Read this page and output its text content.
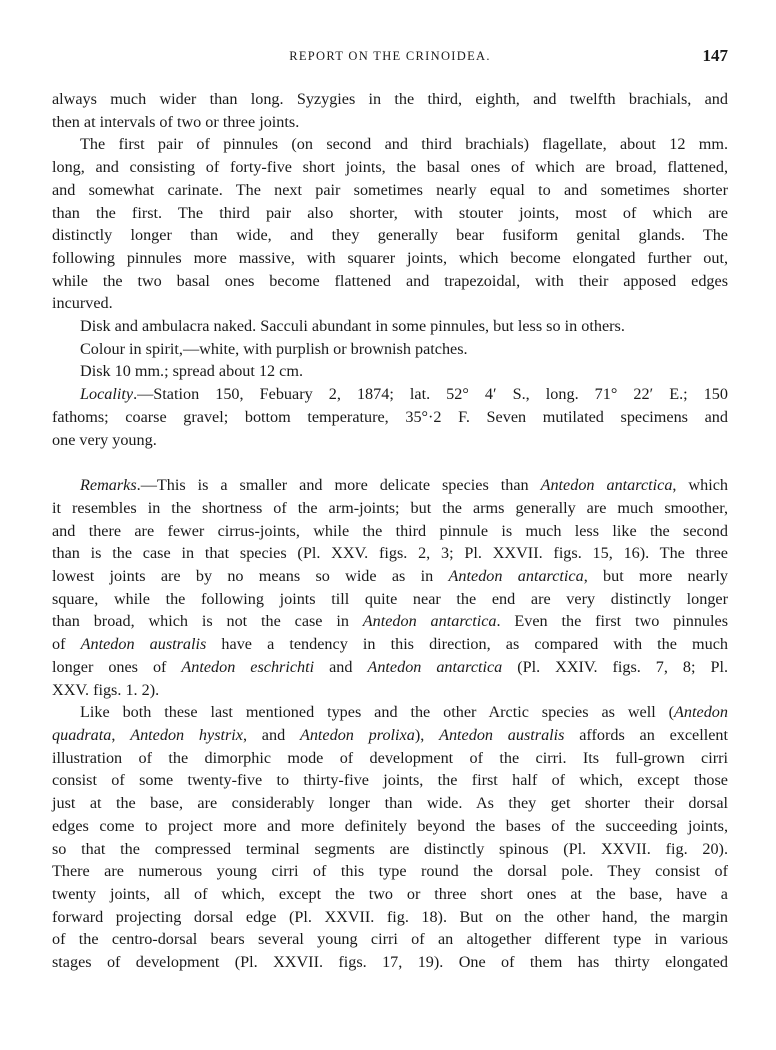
REPORT ON THE CRINOIDEA.	147
always much wider than long. Syzygies in the third, eighth, and twelfth brachials, and
then at intervals of two or three joints.
The first pair of pinnules (on second and third brachials) flagellate, about 12 mm.
long, and consisting of forty-five short joints, the basal ones of which are broad, flattened,
and somewhat carinate. The next pair sometimes nearly equal to and sometimes shorter
than the first. The third pair also shorter, with stouter joints, most of which are
distinctly longer than wide, and they generally bear fusiform genital glands. The
following pinnules more massive, with squarer joints, which become elongated further out,
while the two basal ones become flattened and trapezoidal, with their apposed edges
incurved.
Disk and ambulacra naked. Sacculi abundant in some pinnules, but less so in others.
Colour in spirit,—white, with purplish or brownish patches.
Disk 10 mm.; spread about 12 cm.
Locality.—Station 150, Febuary 2, 1874; lat. 52° 4′ S., long. 71° 22′ E.; 150
fathoms; coarse gravel; bottom temperature, 35°·2 F. Seven mutilated specimens and
one very young.
Remarks.—This is a smaller and more delicate species than Antedon antarctica, which
it resembles in the shortness of the arm-joints; but the arms generally are much smoother,
and there are fewer cirrus-joints, while the third pinnule is much less like the second
than is the case in that species (Pl. XXV. figs. 2, 3; Pl. XXVII. figs. 15, 16). The three
lowest joints are by no means so wide as in Antedon antarctica, but more nearly
square, while the following joints till quite near the end are very distinctly longer
than broad, which is not the case in Antedon antarctica. Even the first two pinnules
of Antedon australis have a tendency in this direction, as compared with the much
longer ones of Antedon eschrichti and Antedon antarctica (Pl. XXIV. figs. 7, 8; Pl.
XXV. figs. 1. 2).
Like both these last mentioned types and the other Arctic species as well (Antedon
quadrata, Antedon hystrix, and Antedon prolixa), Antedon australis affords an excellent
illustration of the dimorphic mode of development of the cirri. Its full-grown cirri
consist of some twenty-five to thirty-five joints, the first half of which, except those
just at the base, are considerably longer than wide. As they get shorter their dorsal
edges come to project more and more definitely beyond the bases of the succeeding joints,
so that the compressed terminal segments are distinctly spinous (Pl. XXVII. fig. 20).
There are numerous young cirri of this type round the dorsal pole. They consist of
twenty joints, all of which, except the two or three short ones at the base, have a
forward projecting dorsal edge (Pl. XXVII. fig. 18). But on the other hand, the margin
of the centro-dorsal bears several young cirri of an altogether different type in various
stages of development (Pl. XXVII. figs. 17, 19). One of them has thirty elongated
